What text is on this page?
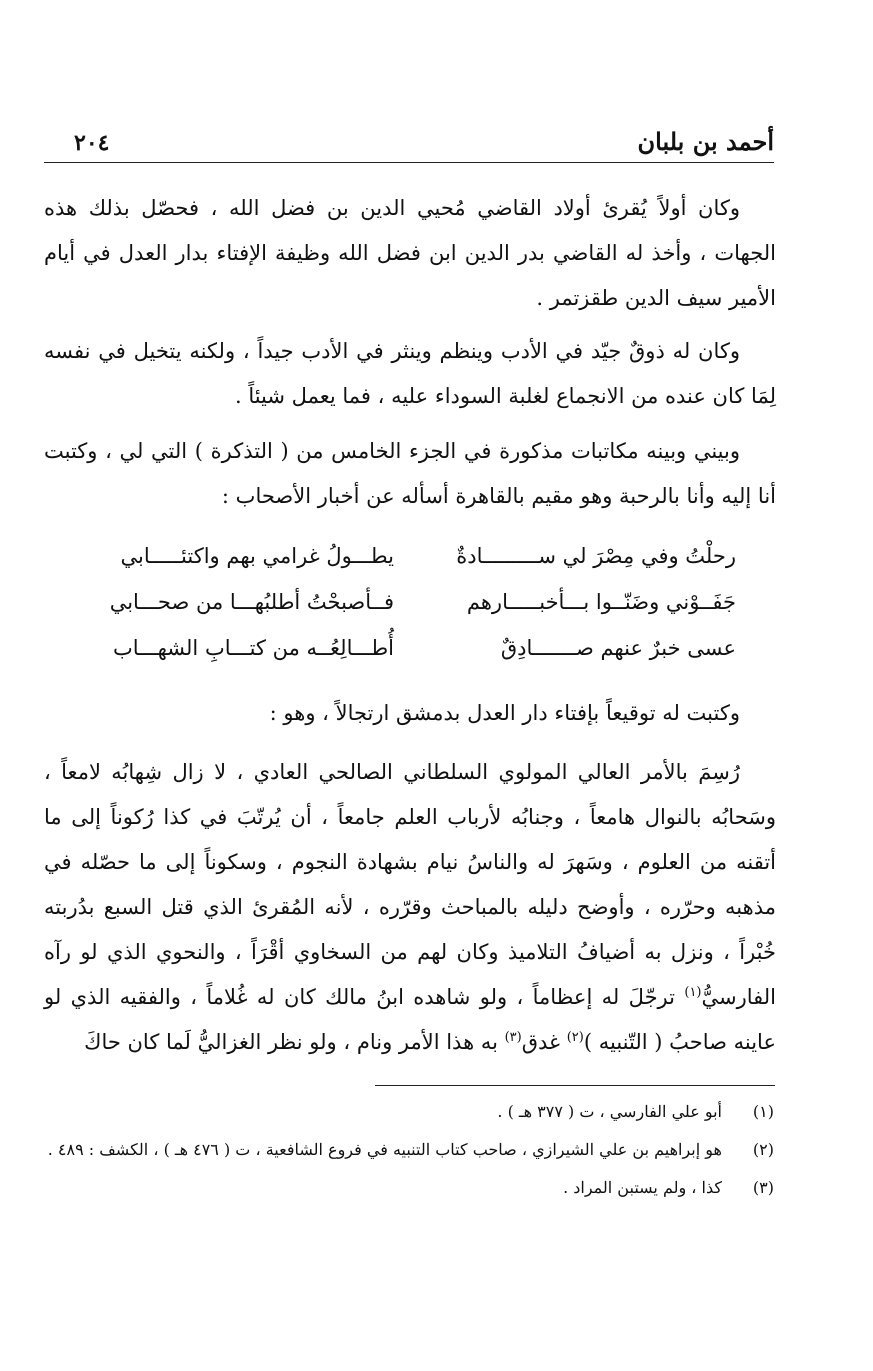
أحمد بن بلبان
٢٠٤

وكان أولاً يُقرئ أولاد القاضي مُحيي الدين بن فضل الله ، فحصّل بذلك هذه الجهات ، وأخذ له القاضي بدر الدين ابن فضل الله وظيفة الإفتاء بدار العدل في أيام الأمير سيف الدين طقزتمر .

وكان له ذوقٌ جيّد في الأدب وينظم وينثر في الأدب جيداً ، ولكنه يتخيل في نفسه لِمَا كان عنده من الانجماع لغلبة السوداء عليه ، فما يعمل شيئاً .

وبيني وبينه مكاتبات مذكورة في الجزء الخامس من ( التذكرة ) التي لي ، وكتبت أنا إليه وأنا بالرحبة وهو مقيم بالقاهرة أسأله عن أخبار الأصحاب :

رحلْتُ وفي مِصْرَ لي ســـــــــادةٌ
يطـــولُ غرامي بهم واكتئـــــابي
جَفَــوْني وضَنّــوا بـــأخبـــــارهم
فــأصبحْتُ أطلبُهـــا من صحـــابي
عسى خبرٌ عنهم صـــــــادِقٌ
أُطـــالِعُــه من كتـــابِ الشهـــاب

وكتبت له توقيعاً بإفتاء دار العدل بدمشق ارتجالاً ، وهو :

رُسِمَ بالأمر العالي المولوي السلطاني الصالحي العادي ، لا زال شِهابُه لامعاً ، وسَحابُه بالنوال هامعاً ، وجنابُه لأرباب العلم جامعاً ، أن يُرتّبَ في كذا رُكوناً إلى ما أتقنه من العلوم ، وسَهرَ له والناسُ نيام بشهادة النجوم ، وسكوناً إلى ما حصّله في مذهبه وحرّره ، وأوضح دليله بالمباحث وقرّره ، لأنه المُقرئ الذي قتل السبع بدُربته خُبْراً ، ونزل به أضيافُ التلاميذ وكان لهم من السخاوي أقْرَاً ، والنحوي الذي لو رآه الفارسيُّ$^{(١)}$ ترجّلَ له إعظاماً ، ولو شاهده ابنُ مالك كان له غُلاماً ، والفقيه الذي لو عاينه صاحبُ ( التّنبيه )$^{(٢)}$ غدق$^{(٣)}$ به هذا الأمر ونام ، ولو نظر الغزاليُّ لَما كان حاكَ

(١)
أبو علي الفارسي ، ت ( ٣٧٧ هـ ) .
(٢)
هو إبراهيم بن علي الشيرازي ، صاحب كتاب التنبيه في فروع الشافعية ، ت ( ٤٧٦ هـ ) ، الكشف : ٤٨٩ .
(٣)
كذا ، ولم يستبن المراد .
